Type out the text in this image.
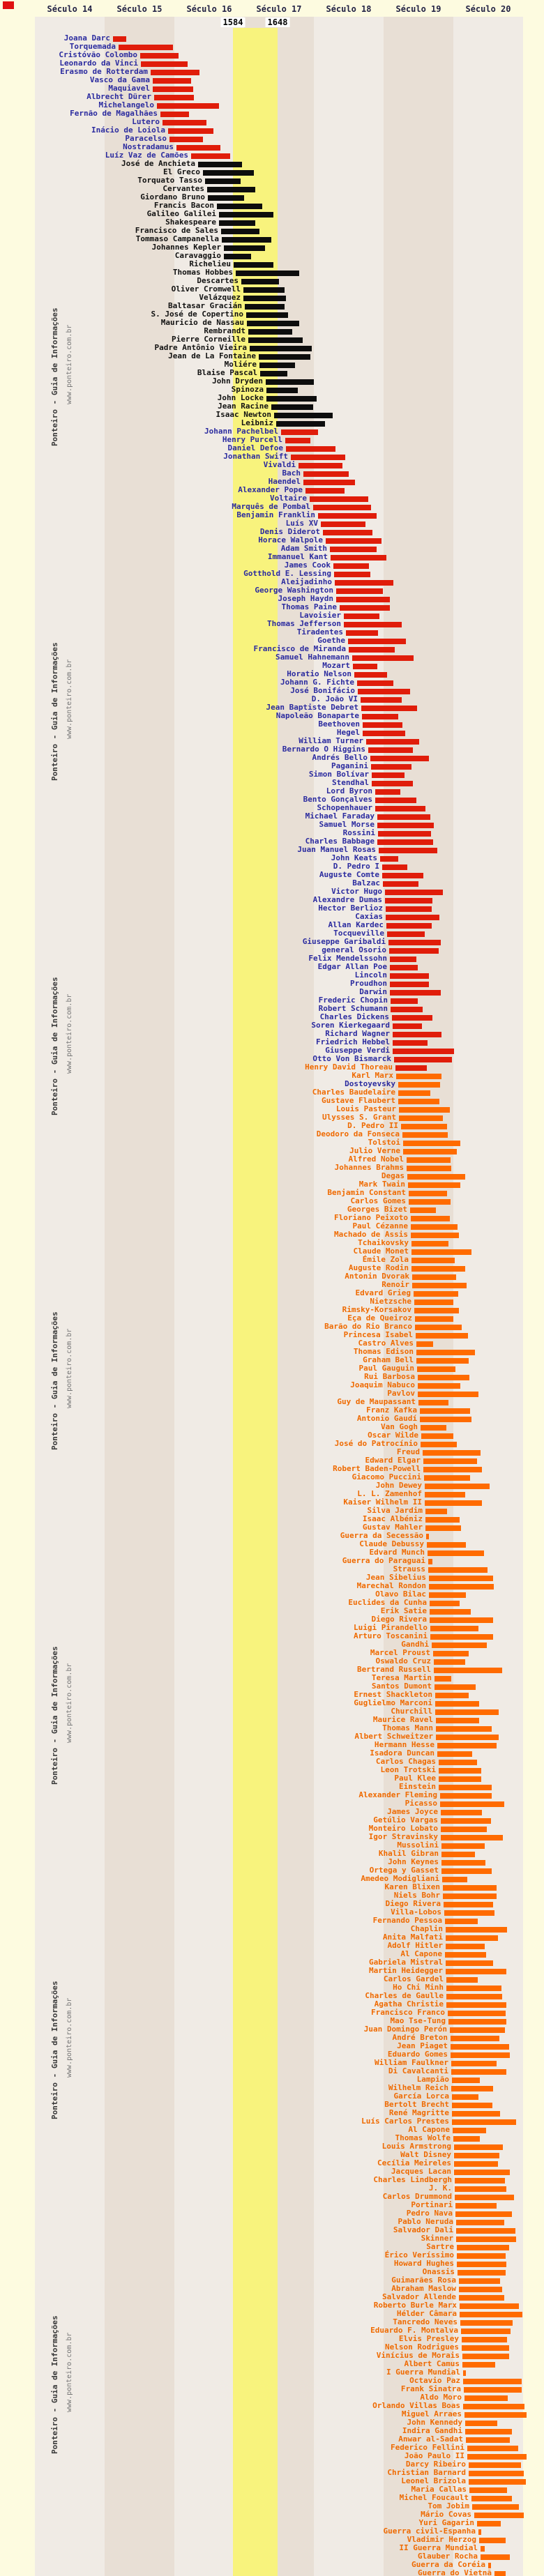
Século 14	Século 15	Século 16	Século 17	Século 18	Século 19	Século 20
1584	1648
Ponteiro - Guia de Informações www.ponteiro.com.br
Ponteiro - Guia de Informações www.ponteiro.com.br
Ponteiro - Guia de Informações www.ponteiro.com.br
Ponteiro - Guia de Informações www.ponteiro.com.br
Ponteiro - Guia de Informações www.ponteiro.com.br
Ponteiro - Guia de Informações www.ponteiro.com.br
Ponteiro - Guia de Informações www.ponteiro.com.br
Joana Darc
Torquemada
Cristóvão Colombo
Leonardo da Vinci
Erasmo de Rotterdam
Vasco da Gama
Maquiavel
Albrecht Dürer
Michelangelo
Fernão de Magalhães
Lutero
Inácio de Loiola
Paracelso
Nostradamus
Luíz Vaz de Camões
José de Anchieta
El Greco
Torquato Tasso
Cervantes
Giordano Bruno
Francis Bacon
Galileo Galilei
Shakespeare
Francisco de Sales
Tommaso Campanella
Johannes Kepler
Caravaggio
Richelieu
Thomas Hobbes
Descartes
Oliver Cromwell
Velázquez
Baltasar Gracián
S. José de Copertino
Mauricio de Nassau
Rembrandt
Pierre Corneille
Padre Antônio Vieira
Jean de La Fontaine
Moliére
Blaise Pascal
John Dryden
Spinoza
John Locke
Jean Racine
Isaac Newton
Leibniz
Johann Pachelbel
Henry Purcell
Daniel Defoe
Jonathan Swift
Vivaldi
Bach
Haendel
Alexander Pope
Voltaire
Marquês de Pombal
Benjamin Franklin
Luís XV
Denis Diderot
Horace Walpole
Adam Smith
Immanuel Kant
James Cook
Gotthold E. Lessing
Aleijadinho
George Washington
Joseph Haydn
Thomas Paine
Lavoisier
Thomas Jefferson
Tiradentes
Goethe
Francisco de Miranda
Samuel Hahnemann
Mozart
Horatio Nelson
Johann G. Fichte
José Bonifácio
D. João VI
Jean Baptiste Debret
Napoleão Bonaparte
Beethoven
Hegel
William Turner
Bernardo O Higgins
Andrés Bello
Paganini
Simon Bolívar
Stendhal
Lord Byron
Bento Gonçalves
Schopenhauer
Michael Faraday
Samuel Morse
Rossini
Charles Babbage
Juan Manuel Rosas
John Keats
D. Pedro I
Auguste Comte
Balzac
Victor Hugo
Alexandre Dumas
Hector Berlioz
Caxias
Allan Kardec
Tocqueville
Giuseppe Garibaldi
general Osorio
Felix Mendelssohn
Edgar Allan Poe
Lincoln
Proudhon
Darwin
Frederic Chopin
Robert Schumann
Charles Dickens
Soren Kierkegaard
Richard Wagner
Friedrich Hebbel
Giuseppe Verdi
Otto Von Bismarck
Henry David Thoreau
Karl Marx
Dostoyevsky
Charles Baudelaire
Gustave Flaubert
Louis Pasteur
Ulysses S. Grant
D. Pedro II
Deodoro da Fonseca
Tolstoi
Julio Verne
Alfred Nobel
Johannes Brahms
Degas
Mark Twain
Benjamin Constant
Carlos Gomes
Georges Bizet
Floriano Peixoto
Paul Cézanne
Machado de Assis
Tchaikovsky
Claude Monet
Émile Zola
Auguste Rodin
Antonin Dvorak
Renoir
Edvard Grieg
Nietzsche
Rimsky-Korsakov
Eça de Queiroz
Barão do Rio Branco
Princesa Isabel
Castro Alves
Thomas Edison
Graham Bell
Paul Gauguin
Rui Barbosa
Joaquim Nabuco
Pavlov
Guy de Maupassant
Franz Kafka
Antonio Gaudí
Van Gogh
Oscar Wilde
José do Patrocínio
Freud
Edward Elgar
Robert Baden-Powell
Giacomo Puccini
John Dewey
L. L. Zamenhof
Kaiser Wilhelm II
Silva Jardim
Isaac Albéniz
Gustav Mahler
Guerra da Secessão
Claude Debussy
Edvard Munch
Guerra do Paraguai
Strauss
Jean Sibelius
Marechal Rondon
Olavo Bilac
Euclides da Cunha
Erik Satie
Diego Rivera
Luigi Pirandello
Arturo Toscanini
Gandhi
Marcel Proust
Oswaldo Cruz
Bertrand Russell
Teresa Martin
Santos Dumont
Ernest Shackleton
Guglielmo Marconi
Churchill
Maurice Ravel
Thomas Mann
Albert Schweitzer
Hermann Hesse
Isadora Duncan
Carlos Chagas
Leon Trotski
Paul Klee
Einstein
Alexander Fleming
Picasso
James Joyce
Getúlio Vargas
Monteiro Lobato
Igor Stravinsky
Mussolini
Khalil Gibran
John Keynes
Ortega y Gasset
Amedeo Modigliani
Karen Blixen
Niels Bohr
Diego Rivera
Villa-Lobos
Fernando Pessoa
Chaplin
Anita Malfati
Adolf Hitler
Al Capone
Gabriela Mistral
Martin Heidegger
Carlos Gardel
Ho Chi Minh
Charles de Gaulle
Agatha Christie
Francisco Franco
Mao Tse-Tung
Juan Domingo Perón
André Breton
Jean Piaget
Eduardo Gomes
William Faulkner
Di Cavalcanti
Lampião
Wilhelm Reich
García Lorca
Bertolt Brecht
René Magritte
Luís Carlos Prestes
Al Capone
Thomas Wolfe
Louis Armstrong
Walt Disney
Cecília Meireles
Jacques Lacan
Charles Lindbergh
J. K.
Carlos Drummond
Portinari
Pedro Nava
Pablo Neruda
Salvador Dali
Skinner
Sartre
Érico Veríssimo
Howard Hughes
Onassis
Guimarães Rosa
Abraham Maslow
Salvador Allende
Roberto Burle Marx
Hélder Câmara
Tancredo Neves
Eduardo F. Montalva
Elvis Presley
Nelson Rodrigues
Vinícius de Morais
Albert Camus
I Guerra Mundial
Octavio Paz
Frank Sinatra
Aldo Moro
Orlando Villas Boas
Miguel Arraes
John Kennedy
Indira Gandhi
Anwar al-Sadat
Federico Fellini
João Paulo II
Darcy Ribeiro
Christian Barnard
Leonel Brizola
Maria Callas
Michel Foucault
Tom Jobim
Mário Covas
Yuri Gagarin
Guerra civil-Espanha
Vladimir Herzog
II Guerra Mundial
Glauber Rocha
Guerra da Coréia
Guerra do Vietnã
